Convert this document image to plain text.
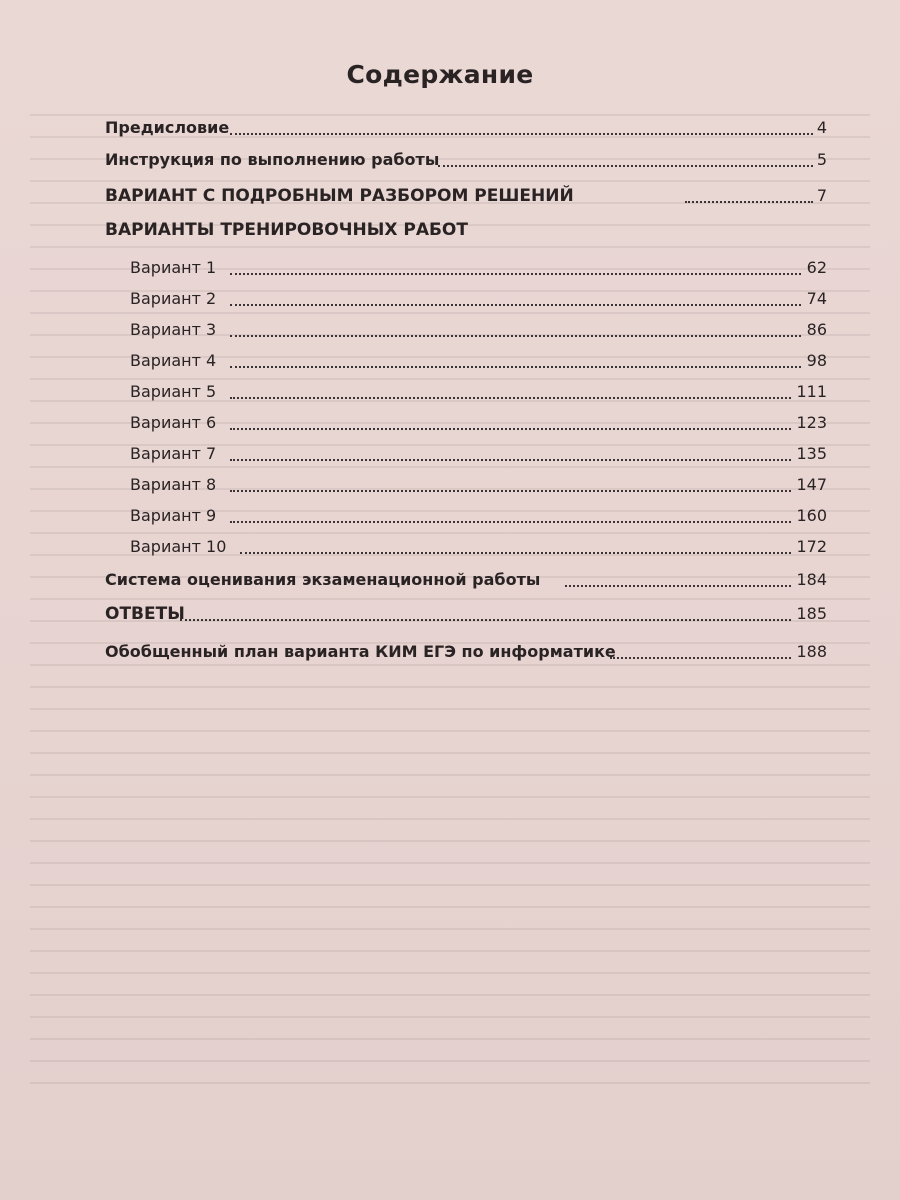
Содержание
Предисловие	4
Инструкция по выполнению работы	5
ВАРИАНТ С ПОДРОБНЫМ РАЗБОРОМ РЕШЕНИЙ	7
ВАРИАНТЫ ТРЕНИРОВОЧНЫХ РАБОТ
Вариант 1	62
Вариант 2	74
Вариант 3	86
Вариант 4	98
Вариант 5	111
Вариант 6	123
Вариант 7	135
Вариант 8	147
Вариант 9	160
Вариант 10	172
Система оценивания экзаменационной работы	184
ОТВЕТЫ	185
Обобщенный план варианта КИМ ЕГЭ по информатике	188
